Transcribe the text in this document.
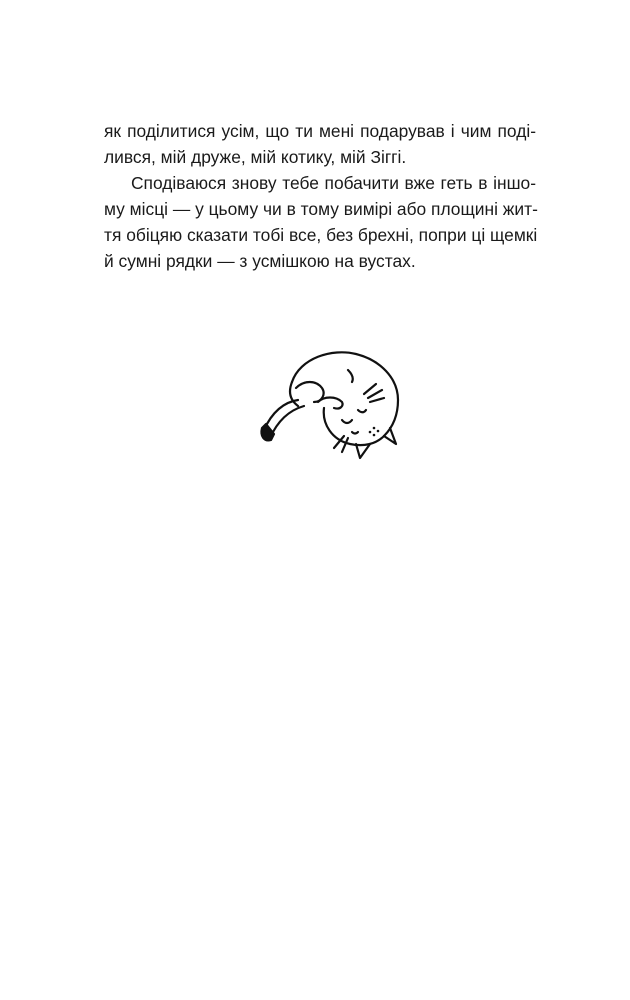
як поділитися усім, що ти мені подарував і чим поді-
лився, мій друже, мій котику, мій Зіггі.
Сподіваюся знову тебе побачити вже геть в іншо-
му місці — у цьому чи в тому вимірі або площині жит-
тя обіцяю сказати тобі все, без брехні, попри ці щемкі
й сумні рядки — з усмішкою на вустах.
